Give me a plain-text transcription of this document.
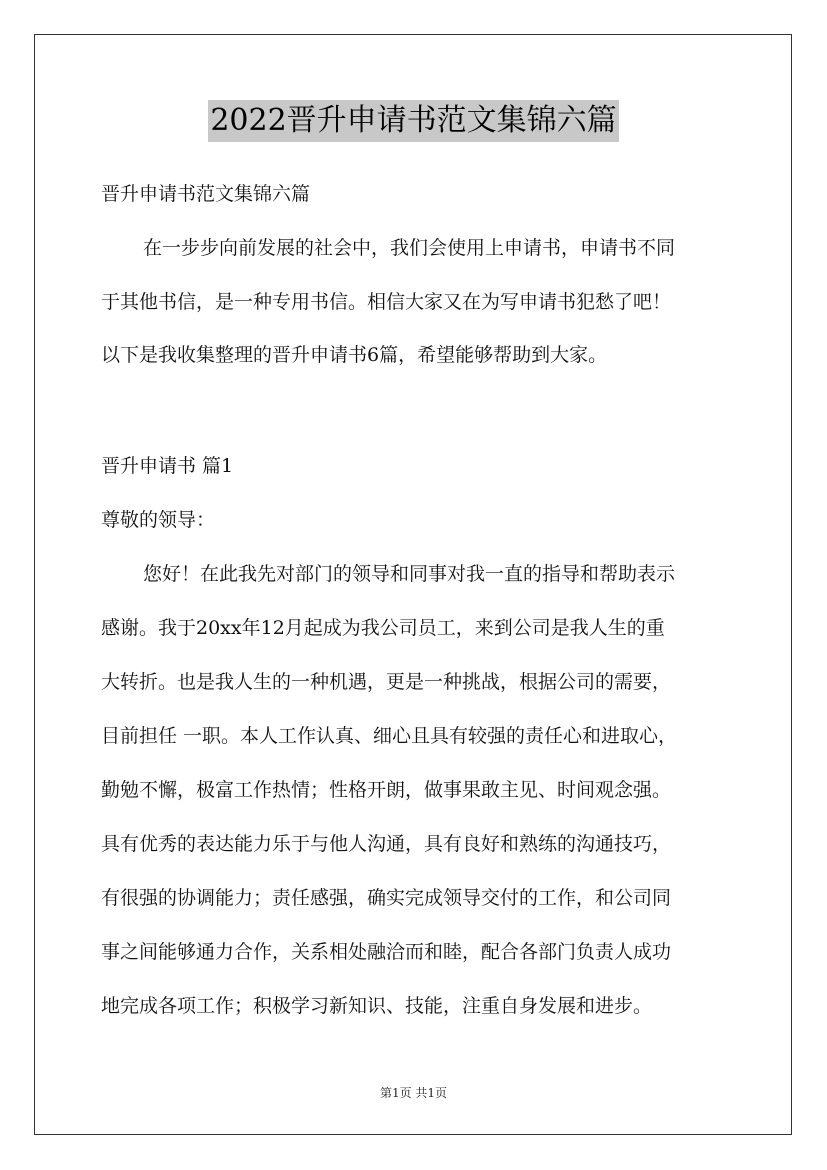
2022晋升申请书范文集锦六篇
晋升申请书范文集锦六篇
在一步步向前发展的社会中，我们会使用上申请书，申请书不同
于其他书信，是一种专用书信。相信大家又在为写申请书犯愁了吧！
以下是我收集整理的晋升申请书6篇，希望能够帮助到大家。
晋升申请书 篇1
尊敬的领导：
您好！在此我先对部门的领导和同事对我一直的指导和帮助表示
感谢。我于20xx年12月起成为我公司员工，来到公司是我人生的重
大转折。也是我人生的一种机遇，更是一种挑战，根据公司的需要，
目前担任 一职。本人工作认真、细心且具有较强的责任心和进取心，
勤勉不懈，极富工作热情；性格开朗，做事果敢主见、时间观念强。
具有优秀的表达能力乐于与他人沟通，具有良好和熟练的沟通技巧，
有很强的协调能力；责任感强，确实完成领导交付的工作，和公司同
事之间能够通力合作，关系相处融洽而和睦，配合各部门负责人成功
地完成各项工作；积极学习新知识、技能，注重自身发展和进步。
第1页 共1页
